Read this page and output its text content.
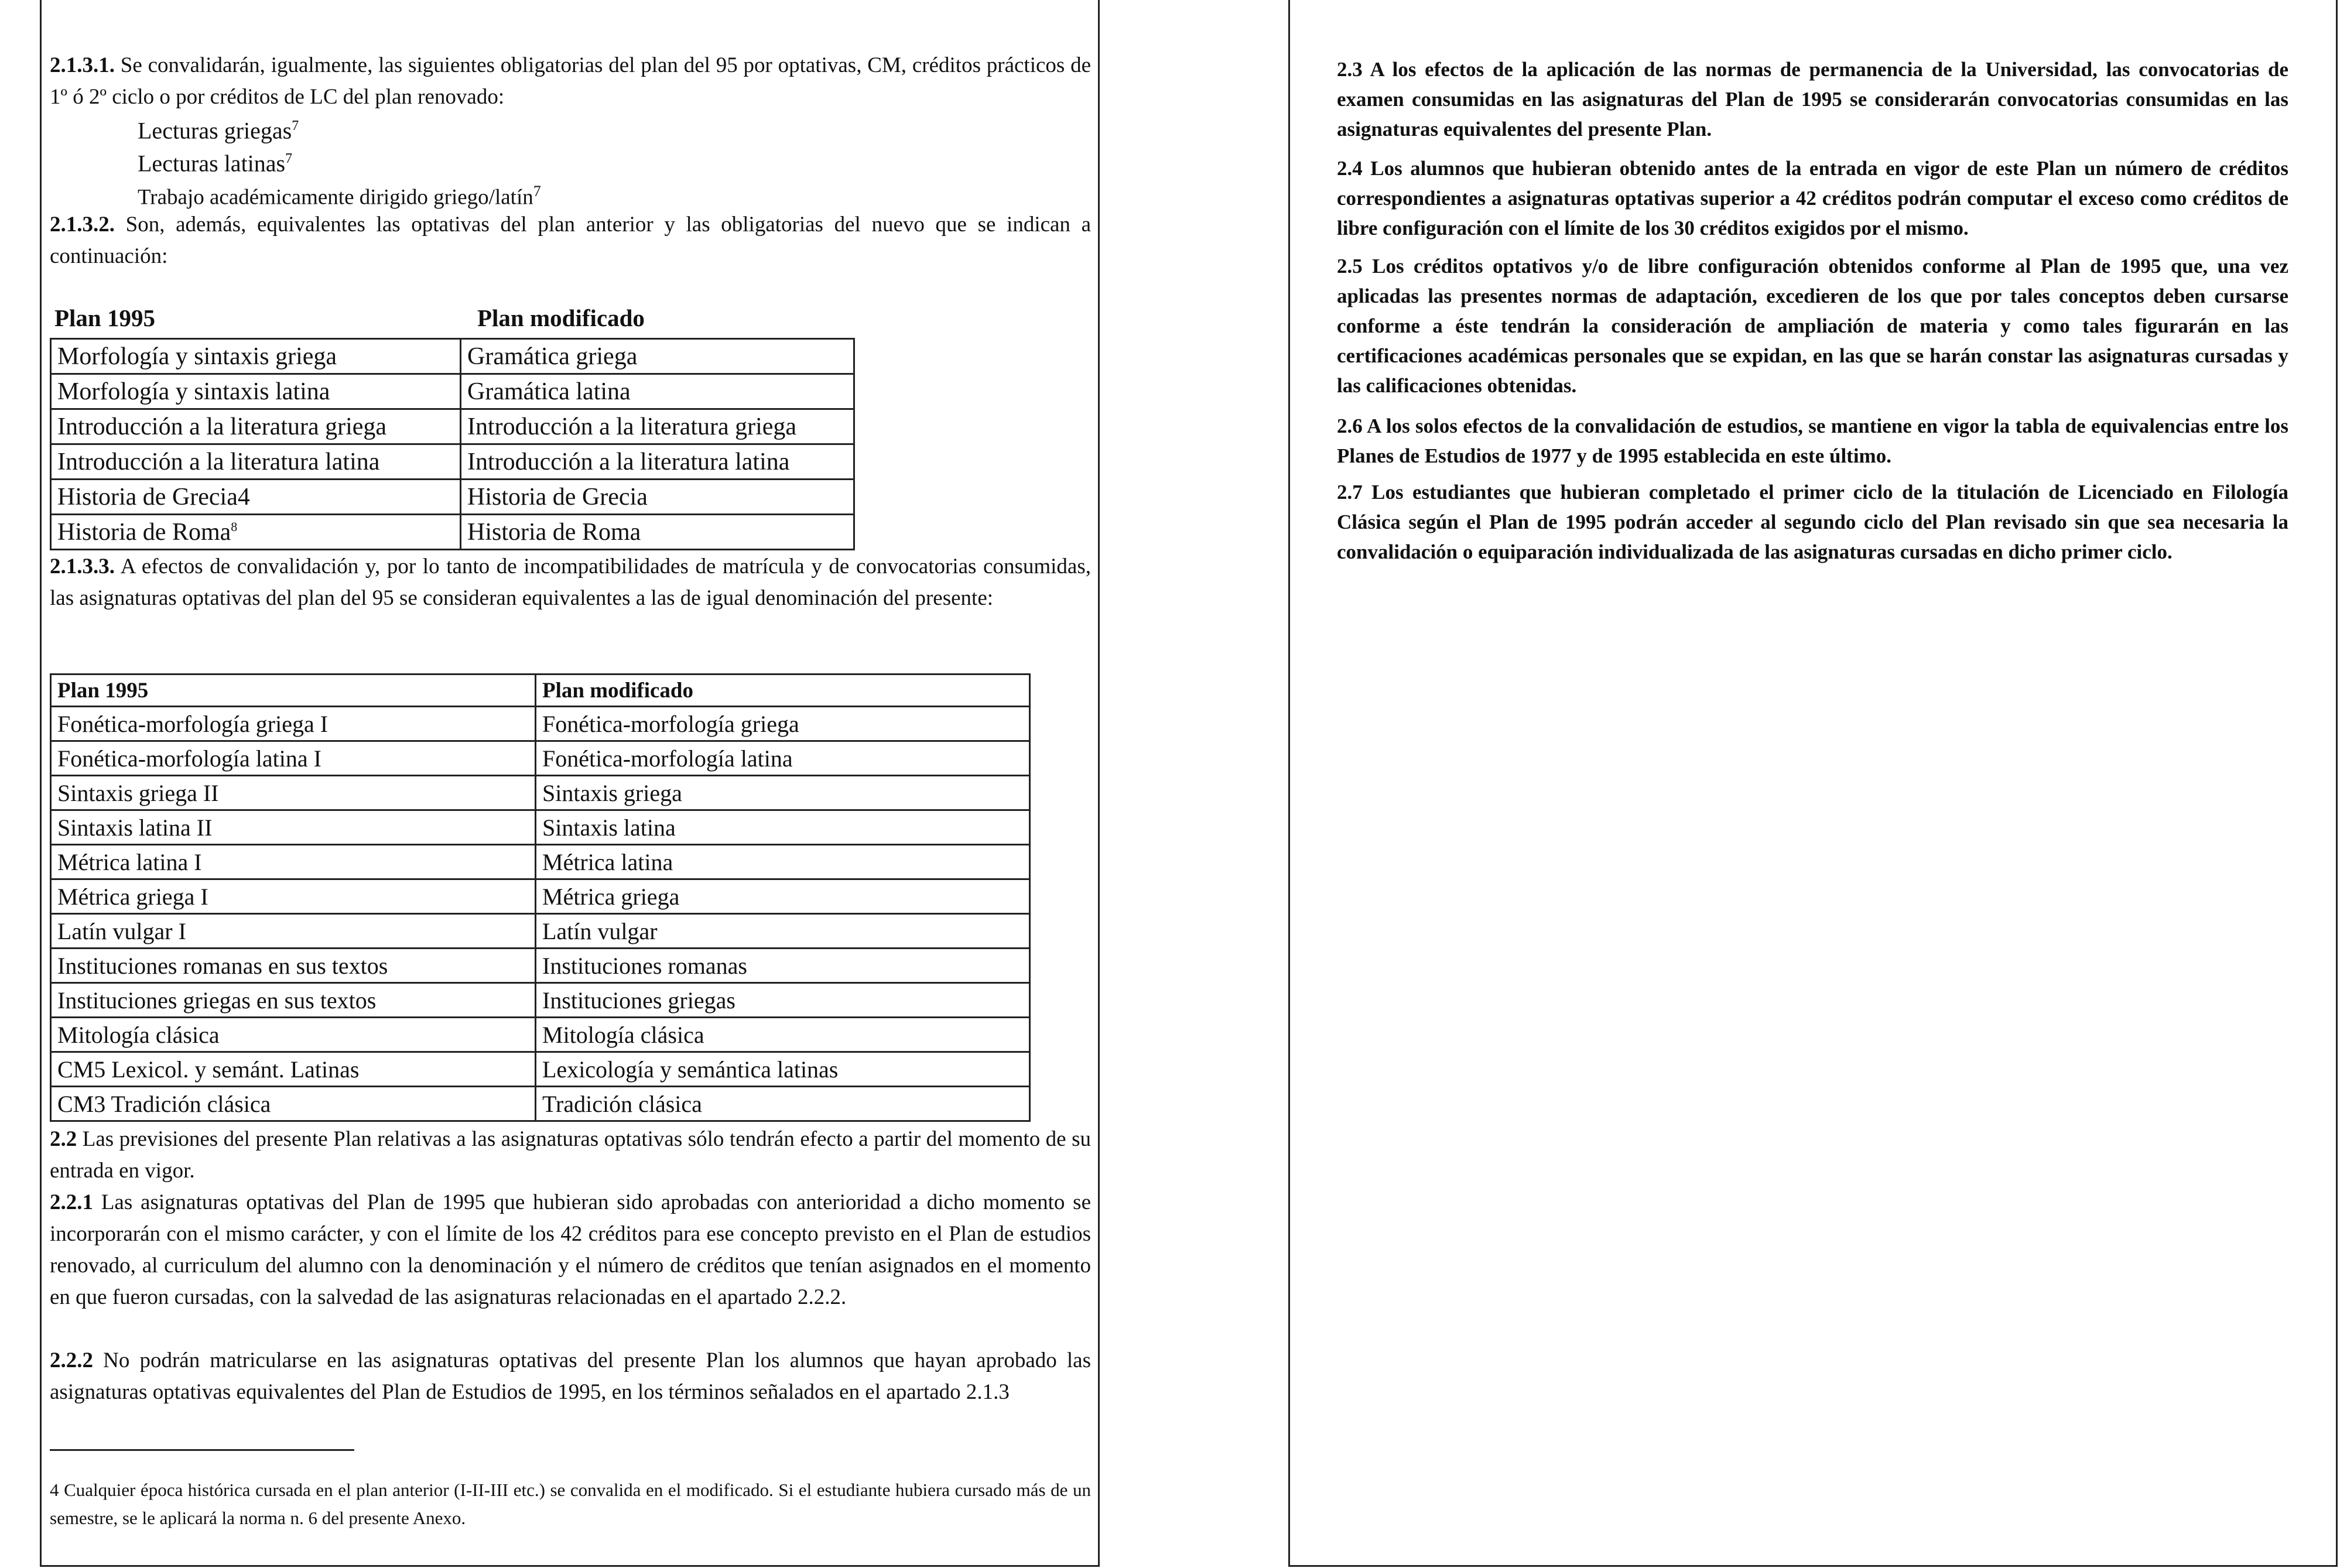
2.1.3.1. Se convalidarán, igualmente, las siguientes obligatorias del plan del 95 por optativas, CM, créditos prácticos de 1º ó 2º ciclo o por créditos de LC del plan renovado:

Lecturas griegas$^7$
Lecturas latinas$^7$
Trabajo académicamente dirigido griego/latín$^7$

2.1.3.2. Son, además, equivalentes las optativas del plan anterior y las obligatorias del nuevo que se indican a continuación:

Plan 1995	Plan modificado
Morfología y sintaxis griega	Gramática griega
Morfología y sintaxis latina	Gramática latina
Introducción a la literatura griega	Introducción a la literatura griega
Introducción a la literatura latina	Introducción a la literatura latina
Historia de Grecia4	Historia de Grecia
Historia de Roma$^8$	Historia de Roma

2.1.3.3. A efectos de convalidación y, por lo tanto de incompatibilidades de matrícula y de convocatorias consumidas, las asignaturas optativas del plan del 95 se consideran equivalentes a las de igual denominación del presente:

Plan 1995	Plan modificado
Fonética-morfología griega I	Fonética-morfología griega
Fonética-morfología latina I	Fonética-morfología latina
Sintaxis griega II	Sintaxis griega
Sintaxis latina II	Sintaxis latina
Métrica latina I	Métrica latina
Métrica griega I	Métrica griega
Latín vulgar I	Latín vulgar
Instituciones romanas en sus textos	Instituciones romanas
Instituciones griegas en sus textos	Instituciones griegas
Mitología clásica	Mitología clásica
CM5 Lexicol. y semánt. Latinas	Lexicología y semántica latinas
CM3 Tradición clásica	Tradición clásica

2.2 Las previsiones del presente Plan relativas a las asignaturas optativas sólo tendrán efecto a partir del momento de su entrada en vigor.

2.2.1 Las asignaturas optativas del Plan de 1995 que hubieran sido aprobadas con anterioridad a dicho momento se incorporarán con el mismo carácter, y con el límite de los 42 créditos para ese concepto previsto en el Plan de estudios renovado, al curriculum del alumno con la denominación y el número de créditos que tenían asignados en el momento en que fueron cursadas, con la salvedad de las asignaturas relacionadas en el apartado 2.2.2.

2.2.2 No podrán matricularse en las asignaturas optativas del presente Plan los alumnos que hayan aprobado las asignaturas optativas equivalentes del Plan de Estudios de 1995, en los términos señalados en el apartado 2.1.3

4 Cualquier época histórica cursada en el plan anterior (I-II-III etc.) se convalida en el modificado. Si el estudiante hubiera cursado más de un semestre, se le aplicará la norma n. 6 del presente Anexo.

2.3 A los efectos de la aplicación de las normas de permanencia de la Universidad, las convocatorias de examen consumidas en las asignaturas del Plan de 1995 se considerarán convocatorias consumidas en las asignaturas equivalentes del presente Plan.

2.4 Los alumnos que hubieran obtenido antes de la entrada en vigor de este Plan un número de créditos correspondientes a asignaturas optativas superior a 42 créditos podrán computar el exceso como créditos de libre configuración con el límite de los 30 créditos exigidos por el mismo.

2.5 Los créditos optativos y/o de libre configuración obtenidos conforme al Plan de 1995 que, una vez aplicadas las presentes normas de adaptación, excedieren de los que por tales conceptos deben cursarse conforme a éste tendrán la consideración de ampliación de materia y como tales figurarán en las certificaciones académicas personales que se expidan, en las que se harán constar las asignaturas cursadas y las calificaciones obtenidas.

2.6 A los solos efectos de la convalidación de estudios, se mantiene en vigor la tabla de equivalencias entre los Planes de Estudios de 1977 y de 1995 establecida en este último.

2.7 Los estudiantes que hubieran completado el primer ciclo de la titulación de Licenciado en Filología Clásica según el Plan de 1995 podrán acceder al segundo ciclo del Plan revisado sin que sea necesaria la convalidación o equiparación individualizada de las asignaturas cursadas en dicho primer ciclo.
